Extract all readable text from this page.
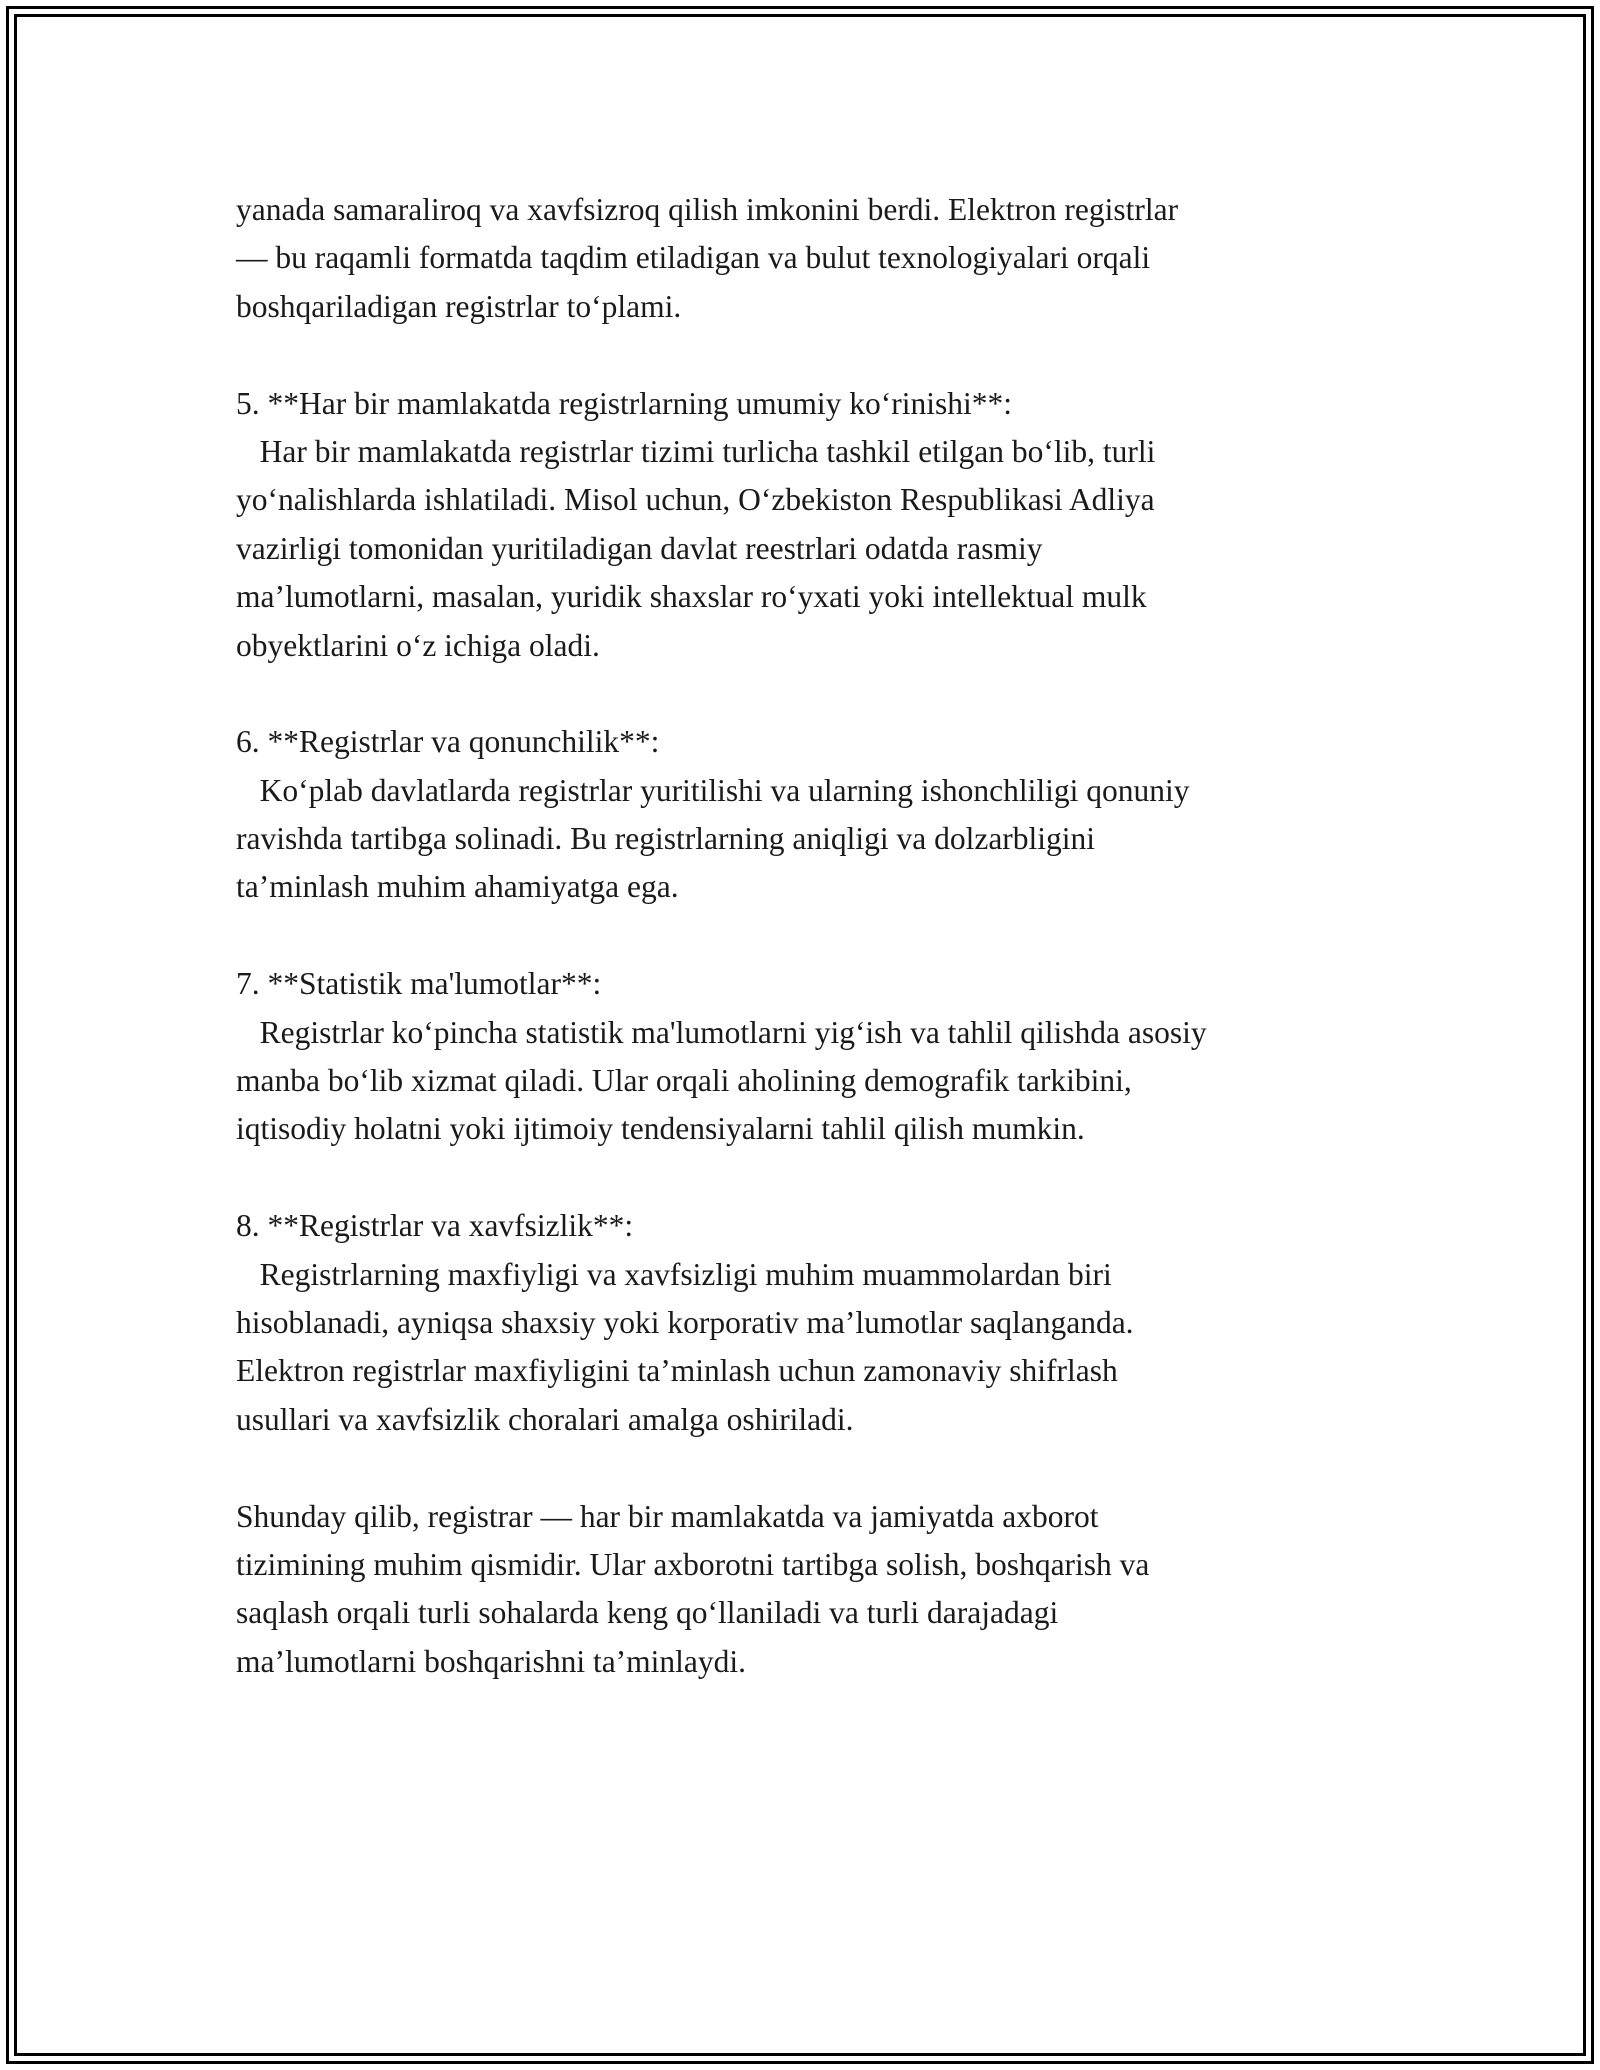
yanada samaraliroq va xavfsizroq qilish imkonini berdi. Elektron registrlar
— bu raqamli formatda taqdim etiladigan va bulut texnologiyalari orqali
boshqariladigan registrlar to‘plami.
5. **Har bir mamlakatda registrlarning umumiy ko‘rinishi**:
Har bir mamlakatda registrlar tizimi turlicha tashkil etilgan bo‘lib, turli
yo‘nalishlarda ishlatiladi. Misol uchun, O‘zbekiston Respublikasi Adliya
vazirligi tomonidan yuritiladigan davlat reestrlari odatda rasmiy
ma’lumotlarni, masalan, yuridik shaxslar ro‘yxati yoki intellektual mulk
obyektlarini o‘z ichiga oladi.
6. **Registrlar va qonunchilik**:
Ko‘plab davlatlarda registrlar yuritilishi va ularning ishonchliligi qonuniy
ravishda tartibga solinadi. Bu registrlarning aniqligi va dolzarbligini
ta’minlash muhim ahamiyatga ega.
7. **Statistik ma'lumotlar**:
Registrlar ko‘pincha statistik ma'lumotlarni yig‘ish va tahlil qilishda asosiy
manba bo‘lib xizmat qiladi. Ular orqali aholining demografik tarkibini,
iqtisodiy holatni yoki ijtimoiy tendensiyalarni tahlil qilish mumkin.
8. **Registrlar va xavfsizlik**:
Registrlarning maxfiyligi va xavfsizligi muhim muammolardan biri
hisoblanadi, ayniqsa shaxsiy yoki korporativ ma’lumotlar saqlanganda.
Elektron registrlar maxfiyligini ta’minlash uchun zamonaviy shifrlash
usullari va xavfsizlik choralari amalga oshiriladi.
Shunday qilib, registrar — har bir mamlakatda va jamiyatda axborot
tizimining muhim qismidir. Ular axborotni tartibga solish, boshqarish va
saqlash orqali turli sohalarda keng qo‘llaniladi va turli darajadagi
ma’lumotlarni boshqarishni ta’minlaydi.
